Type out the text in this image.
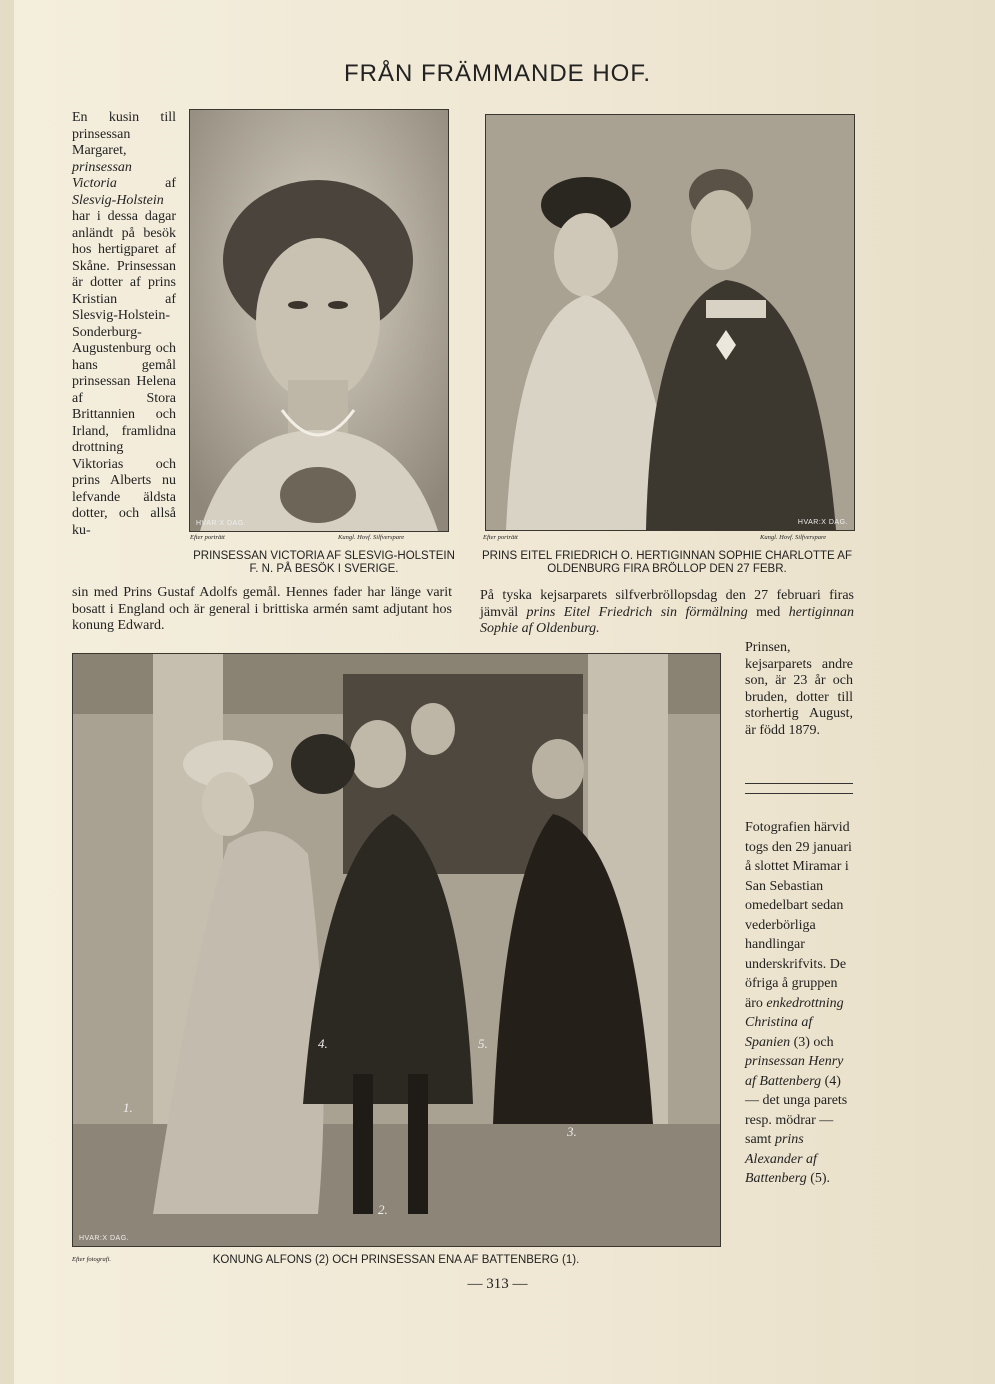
FRÅN FRÄMMANDE HOF.
En kusin till prinsessan Margaret, prinsessan Victoria	af Slesvig-Holstein har i dessa dagar anländt på besök hos hertigparet af Skåne. Prinsessan är dotter af prins Kristian af Slesvig-Holstein-Sonderburg-Augustenburg och hans gemål prinsessan Helena af Stora Brittannien och Irland, framlidna drottning Viktorias och prins Alberts nu lefvande äldsta dotter, och allså ku-	HVAR:X DAG.
Efter porträtt	Kungl. Hovf. Silfverspare
PRINSESSAN VICTORIA AF SLESVIG-HOLSTEIN F. N. PÅ BESÖK I SVERIGE.
HVAR:X DAG.
Efter porträtt	Kungl. Hovf. Silfverspare
PRINS EITEL FRIEDRICH O. HERTIGINNAN SOPHIE CHARLOTTE AF OLDENBURG FIRA BRÖLLOP DEN 27 FEBR.
sin med Prins Gustaf Adolfs gemål. Hennes fader har länge varit bosatt i England och är general i brittiska armén samt adjutant hos konung Edward.
På tyska kejsarparets silfverbröllopsdag den 27 februari firas jämväl prins Eitel Friedrich sin förmälning med hertiginnan Sophie af Oldenburg.
Prinsen, kejsarparets andre son, är 23 år och bruden, dotter till storhertig August, är född 1879.
Fotografien härvid togs den 29 januari å slottet Miramar i San Sebastian omedelbart sedan vederbörliga handlingar underskrifvits. De öfriga å gruppen äro enkedrottning Christina af Spanien (3) och prinsessan Henry af Battenberg (4) — det unga parets resp. mödrar — samt prins Alexander af Battenberg (5).
HVAR:X DAG.
1.
2.
3.
4.	5.
Efter fotografi.	KONUNG ALFONS (2) OCH PRINSESSAN ENA AF BATTENBERG (1).
— 313 —
